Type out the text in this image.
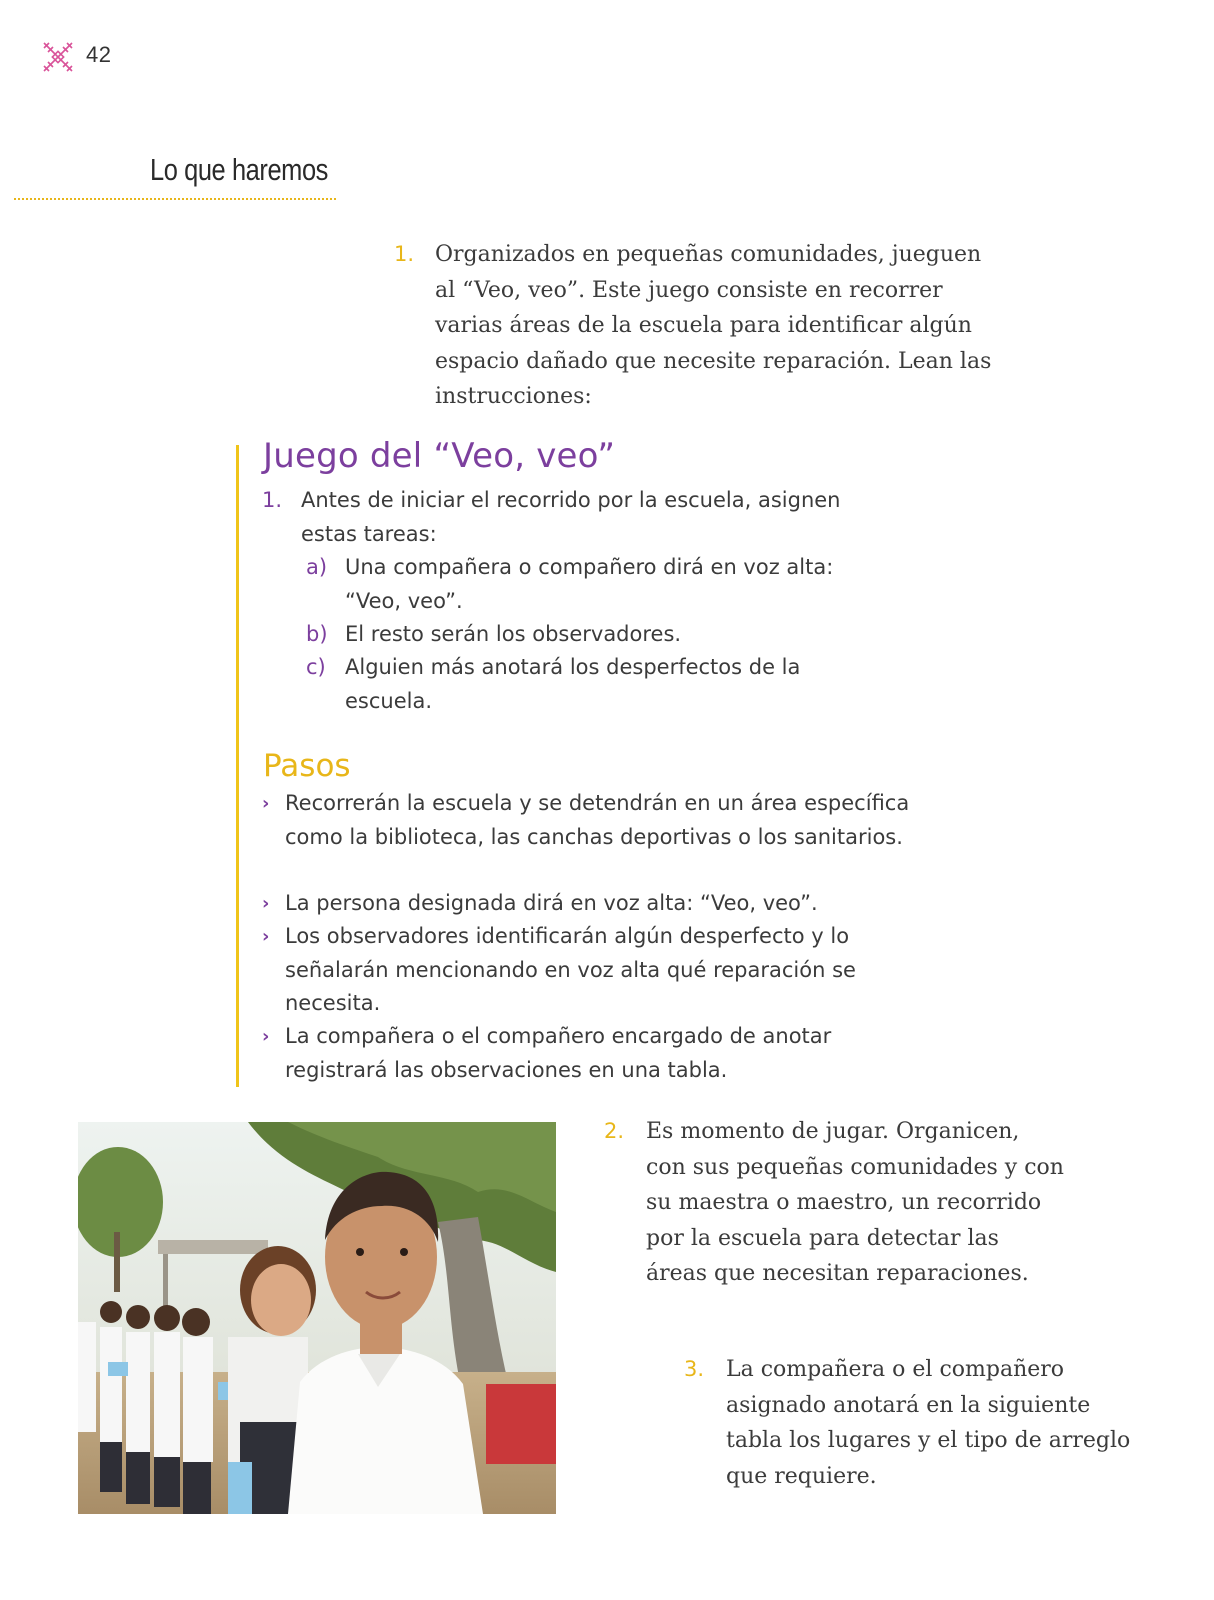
42
Lo que haremos
1. Organizados en pequeñas comunidades, jueguen al “Veo, veo”. Este juego consiste en recorrer varias áreas de la escuela para identificar algún espacio dañado que necesite reparación. Lean las instrucciones:
Juego del “Veo, veo”
1. Antes de iniciar el recorrido por la escuela, asignen estas tareas:
a) Una compañera o compañero dirá en voz alta: “Veo, veo”.
b) El resto serán los observadores.
c) Alguien más anotará los desperfectos de la escuela.
Pasos
› Recorrerán la escuela y se detendrán en un área específica como la biblioteca, las canchas deportivas o los sanitarios.
› La persona designada dirá en voz alta: “Veo, veo”.
› Los observadores identificarán algún desperfecto y lo señalarán mencionando en voz alta qué reparación se necesita.
› La compañera o el compañero encargado de anotar registrará las observaciones en una tabla.
2. Es momento de jugar. Organicen, con sus pequeñas comunidades y con su maestra o maestro, un recorrido por la escuela para detectar las áreas que necesitan reparaciones.
3. La compañera o el compañero asignado anotará en la siguiente tabla los lugares y el tipo de arreglo que requiere.
